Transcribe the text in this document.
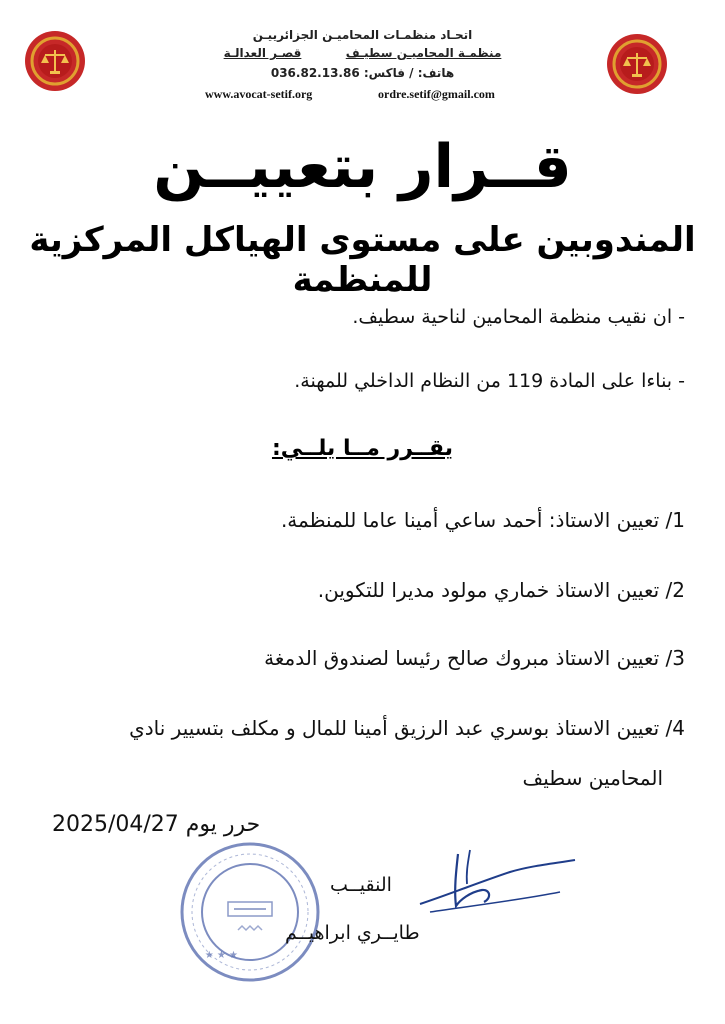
اتحـاد منظمـات المحاميـن الجزائرييـن
منظمـة المحاميـن سطيـف  قصـر العدالـة
هاتف: / فاكس: 036.82.13.86
www.avocat-setif.org	ordre.setif@gmail.com
قــرار بتعييــن
المندوبين على مستوى الهياكل المركزية للمنظمة
- ان نقيب منظمة المحامين لناحية سطيف.
- بناءا على المادة 119 من النظام الداخلي للمهنة.
يقــرر مــا يلــي:
1/ تعيين الاستاذ: أحمد ساعي أمينا عاما للمنظمة.
2/ تعيين الاستاذ خماري مولود مديرا للتكوين.
3/ تعيين الاستاذ مبروك صالح رئيسا لصندوق الدمغة
4/ تعيين الاستاذ بوسري عبد الرزيق أمينا للمال و مكلف بتسيير نادي
المحامين سطيف
حرر يوم 2025/04/27
★ ★ ★
النقيــب
طايــري ابراهيــم
